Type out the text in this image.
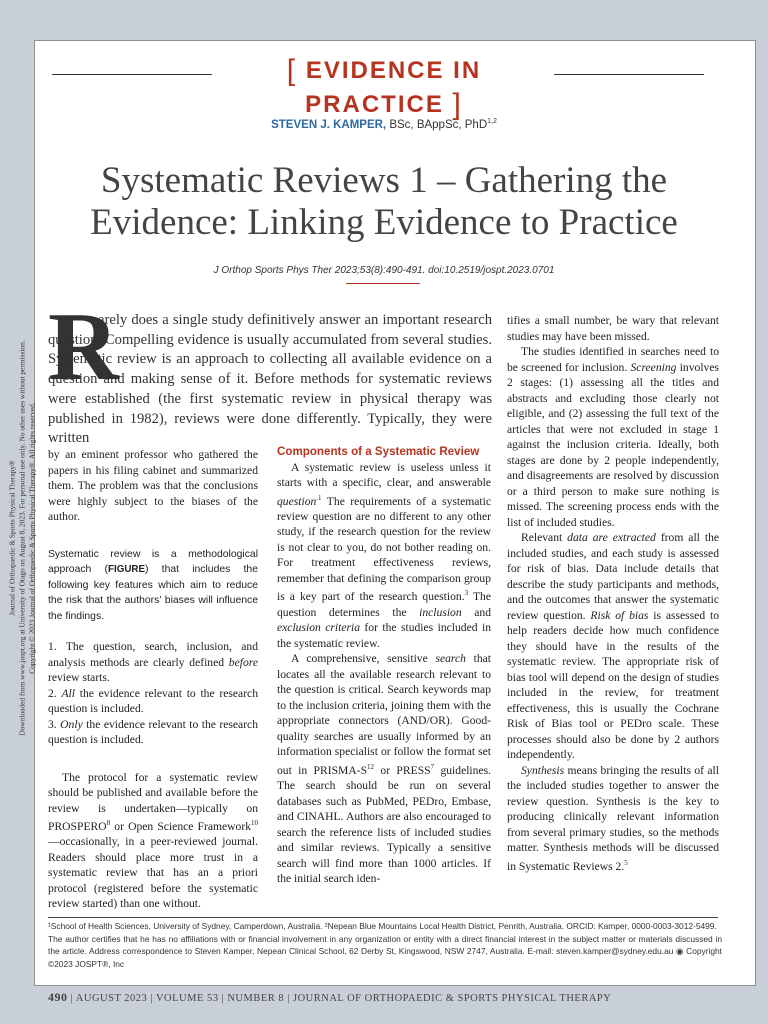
Journal of Orthopaedic & Sports Physical Therapy® Downloaded from www.jospt.org at University of Otago on August 8, 2023. For personal use only. No other uses without permission. Copyright © 2023 Journal of Orthopaedic & Sports Physical Therapy®. All rights reserved.
[ EVIDENCE IN PRACTICE ]
STEVEN J. KAMPER, BSc, BAppSc, PhD$^{1,2}$
Systematic Reviews 1 – Gathering the Evidence: Linking Evidence to Practice
J Orthop Sports Phys Ther 2023;53(8):490-491. doi:10.2519/jospt.2023.0701
R
arely does a single study definitively answer an important research question. Compelling evidence is usually accumulated from several studies. Systematic review is an approach to collecting all available evidence on a question and making sense of it. Before methods for systematic reviews were established (the first systematic review in physical therapy was published in 1982), reviews were done differently. Typically, they were written

by an eminent professor who gathered the papers in his filing cabinet and summarized them. The problem was that the conclusions were highly subject to the biases of the author.

Systematic review is a methodological approach (FIGURE) that includes the following key features which aim to reduce the risk that the authors’ biases will influence the findings.

1. The question, search, inclusion, and analysis methods are clearly defined before review starts.

2. All the evidence relevant to the research question is included.

3. Only the evidence relevant to the research question is included.

The protocol for a systematic review should be published and available before the review is undertaken—typically on PROSPERO$^8$ or Open Science Framework$^{10}$—occasionally, in a peer-reviewed journal. Readers should place more trust in a systematic review that has an a priori protocol (registered before the systematic review started) than one without.

Components of a Systematic Review

A systematic review is useless unless it starts with a specific, clear, and answerable question$^{.1}$ The requirements of a systematic review question are no different to any other study, if the research question for the review is not clear to you, do not bother reading on. For treatment effectiveness reviews, remember that defining the comparison group is a key part of the research question.$^3$ The question determines the inclusion and exclusion criteria for the studies included in the systematic review.

A comprehensive, sensitive search that locates all the available research relevant to the question is critical. Search keywords map to the inclusion criteria, joining them with the appropriate connectors (AND/OR). Good-quality searches are usually informed by an information specialist or follow the format set out in PRISMA-S$^{12}$ or PRESS$^7$ guidelines. The search should be run on several databases such as PubMed, PEDro, Embase, and CINAHL. Authors are also encouraged to search the reference lists of included studies and similar reviews. Typically a sensitive search will find more than 1000 articles. If the initial search iden-

tifies a small number, be wary that relevant studies may have been missed.

The studies identified in searches need to be screened for inclusion. Screening involves 2 stages: (1) assessing all the titles and abstracts and excluding those clearly not eligible, and (2) assessing the full text of the articles that were not excluded in stage 1 against the inclusion criteria. Ideally, both stages are done by 2 people independently, and disagreements are resolved by discussion or a third person to make sure nothing is missed. The screening process ends with the list of included studies.

Relevant data are extracted from all the included studies, and each study is assessed for risk of bias. Data include details that describe the study participants and methods, and the outcomes that answer the systematic review question. Risk of bias is assessed to help readers decide how much confidence they should have in the results of the systematic review. The appropriate risk of bias tool will depend on the design of studies included in the review, for treatment effectiveness, this is usually the Cochrane Risk of Bias tool or PEDro scale. These processes should also be done by 2 authors independently.

Synthesis means bringing the results of all the included studies together to answer the review question. Synthesis is the key to producing clinically relevant information from several primary studies, so the methods matter. Synthesis methods will be discussed in Systematic Reviews 2.$^5$

¹School of Health Sciences, University of Sydney, Camperdown, Australia. ²Nepean Blue Mountains Local Health District, Penrith, Australia. ORCID: Kamper, 0000-0003-3012-5499.

The author certifies that he has no affiliations with or financial involvement in any organization or entity with a direct financial interest in the subject matter or materials discussed in the article. Address correspondence to Steven Kamper, Nepean Clinical School, 62 Derby St, Kingswood, NSW 2747, Australia. E-mail: steven.kamper@sydney.edu.au ◉ Copyright ©2023 JOSPT®, Inc

490 | AUGUST 2023 | VOLUME 53 | NUMBER 8 | JOURNAL OF ORTHOPAEDIC & SPORTS PHYSICAL THERAPY
